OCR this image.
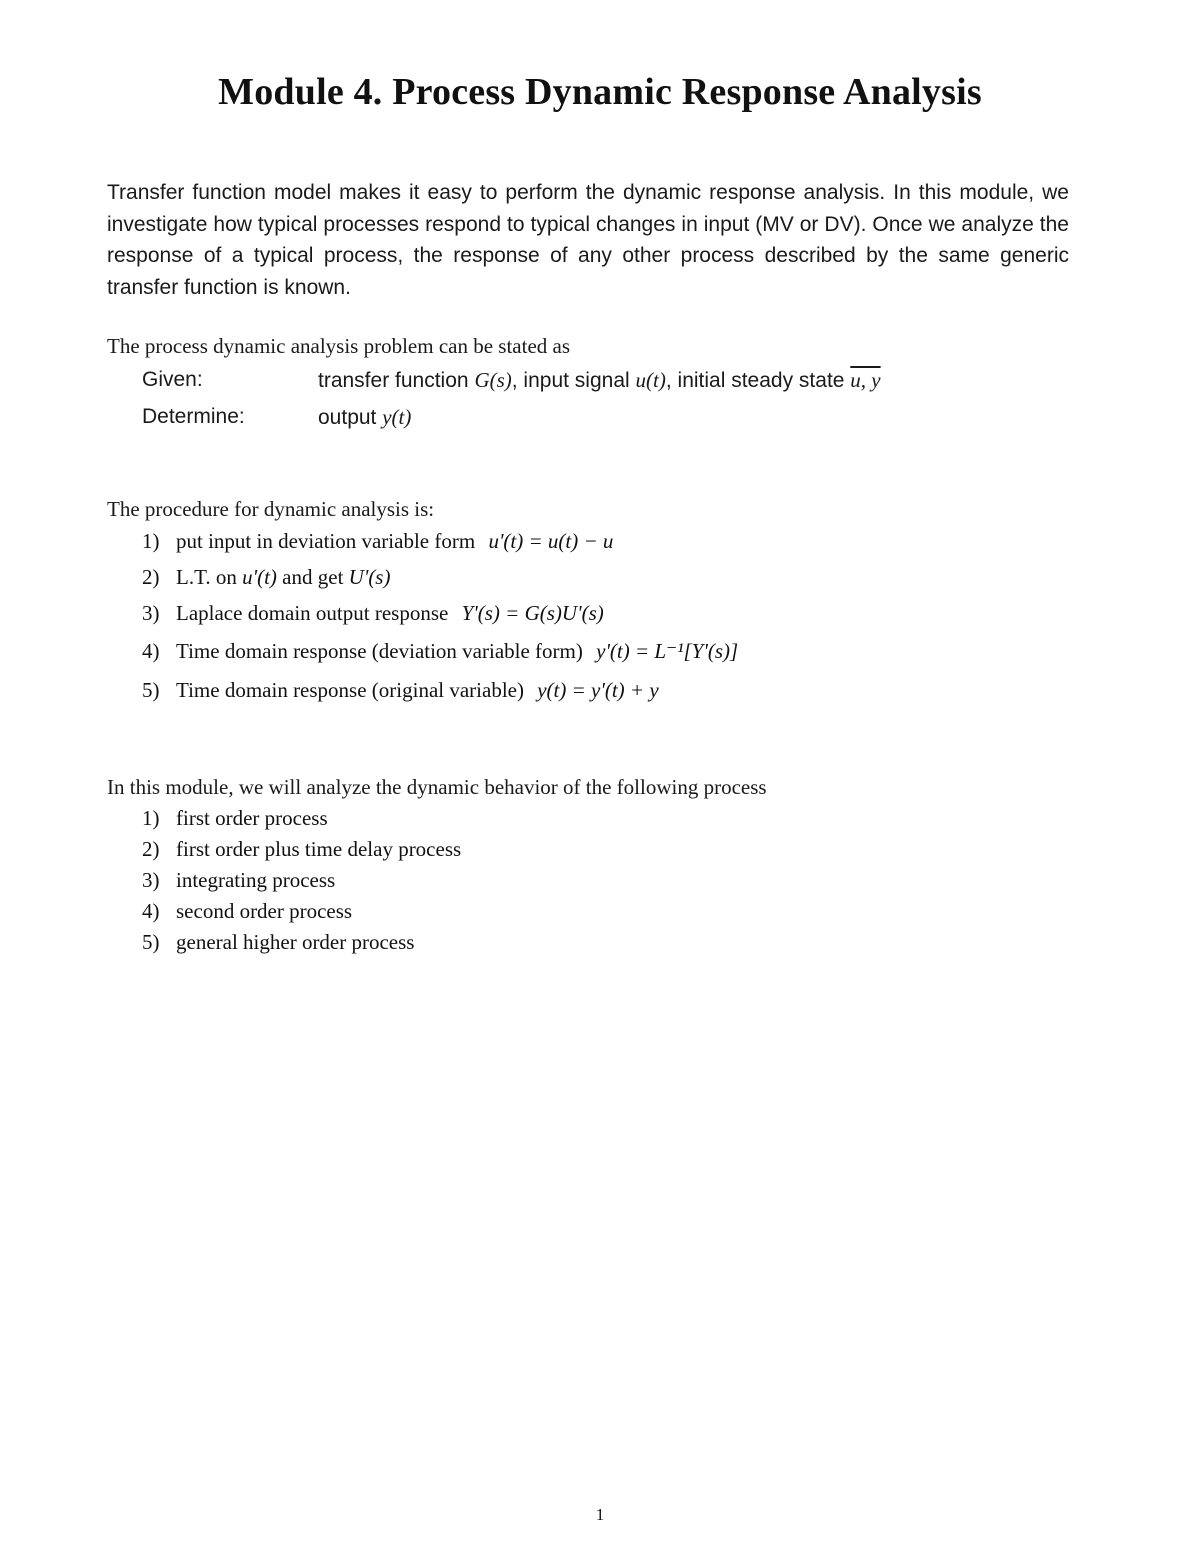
Module 4. Process Dynamic Response Analysis
Transfer function model makes it easy to perform the dynamic response analysis. In this module, we investigate how typical processes respond to typical changes in input (MV or DV). Once we analyze the response of a typical process, the response of any other process described by the same generic transfer function is known.
The process dynamic analysis problem can be stated as
Given:	transfer function G(s), input signal u(t), initial steady state u, y
Determine:	output y(t)
The procedure for dynamic analysis is:
1) put input in deviation variable form u'(t) = u(t) − u
2) L.T. on u'(t) and get U'(s)
3) Laplace domain output response Y'(s) = G(s)U'(s)
4) Time domain response (deviation variable form) y'(t) = L⁻¹[Y'(s)]
5) Time domain response (original variable) y(t) = y'(t) + y
In this module, we will analyze the dynamic behavior of the following process
1) first order process
2) first order plus time delay process
3) integrating process
4) second order process
5) general higher order process
1
